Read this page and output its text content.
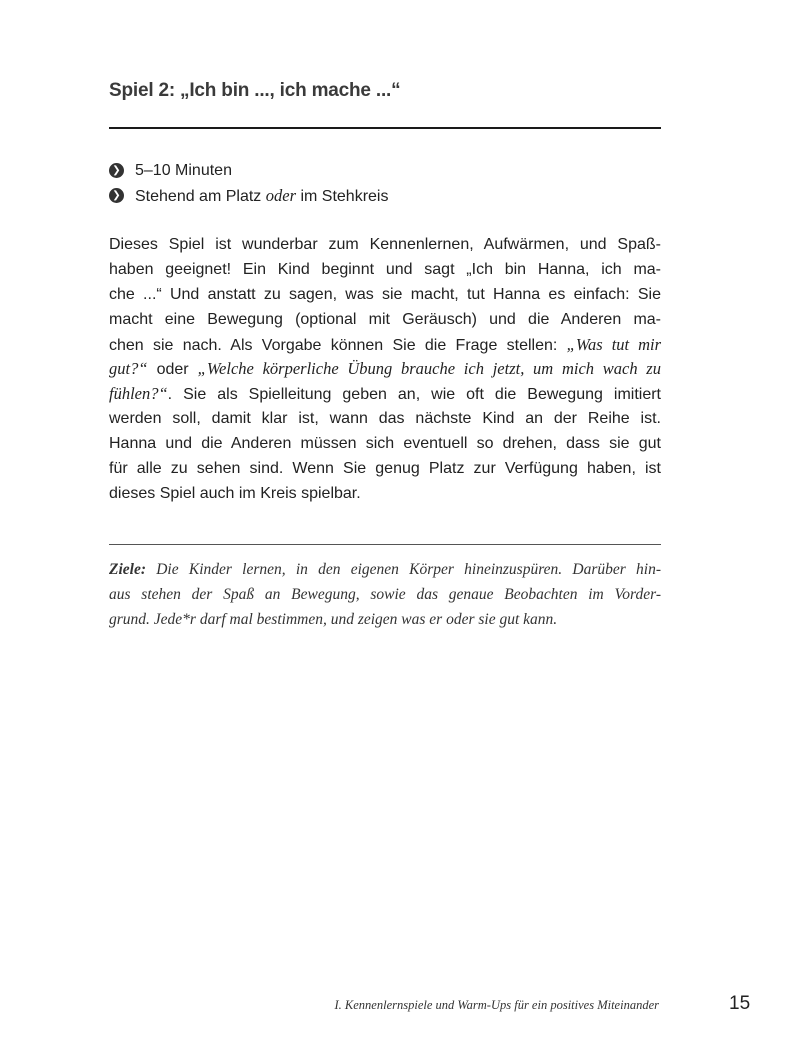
Spiel 2: „Ich bin ..., ich mache ...“
❯ 5–10 Minuten
❯ Stehend am Platz oder im Stehkreis
Dieses Spiel ist wunderbar zum Kennenlernen, Aufwärmen, und Spaß-
haben geeignet! Ein Kind beginnt und sagt „Ich bin Hanna, ich ma-
che ...“ Und anstatt zu sagen, was sie macht, tut Hanna es einfach: Sie
macht eine Bewegung (optional mit Geräusch) und die Anderen ma-
chen sie nach. Als Vorgabe können Sie die Frage stellen: „Was tut mir
gut?“ oder „Welche körperliche Übung brauche ich jetzt, um mich wach zu
fühlen?“. Sie als Spielleitung geben an, wie oft die Bewegung imitiert
werden soll, damit klar ist, wann das nächste Kind an der Reihe ist.
Hanna und die Anderen müssen sich eventuell so drehen, dass sie gut
für alle zu sehen sind. Wenn Sie genug Platz zur Verfügung haben, ist
dieses Spiel auch im Kreis spielbar.
Ziele: Die Kinder lernen, in den eigenen Körper hineinzuspüren. Darüber hin-
aus stehen der Spaß an Bewegung, sowie das genaue Beobachten im Vorder-
grund. Jede*r darf mal bestimmen, und zeigen was er oder sie gut kann.
I. Kennenlernspiele und Warm-Ups für ein positives Miteinander	15
